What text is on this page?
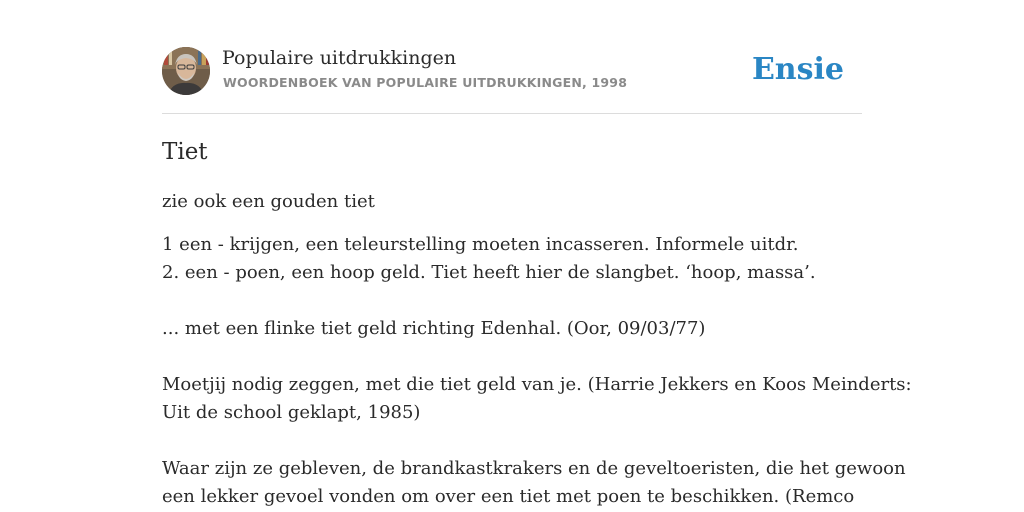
Populaire uitdrukkingen
WOORDENBOEK VAN POPULAIRE UITDRUKKINGEN, 1998	Ensie
Tiet
zie ook een gouden tiet

1 een - krijgen, een teleurstelling moeten incasseren. Informele uitdr.

2. een - poen, een hoop geld. Tiet heeft hier de slangbet. ‘hoop, massa’.

... met een flinke tiet geld richting Edenhal. (Oor, 09/03/77)

Moetjij nodig zeggen, met die tiet geld van je. (Harrie Jekkers en Koos Meinderts:

Uit de school geklapt, 1985)

Waar zijn ze gebleven, de brandkastkrakers en de geveltoeristen, die het gewoon

een lekker gevoel vonden om over een tiet met poen te beschikken. (Remco
